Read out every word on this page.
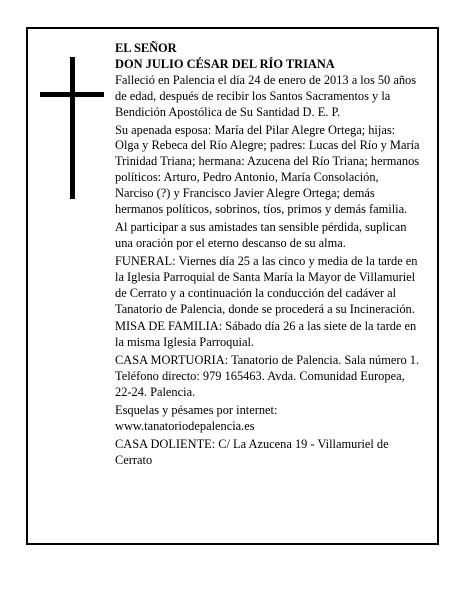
EL SEÑOR
DON JULIO CÉSAR DEL RÍO TRIANA

Falleció en Palencia el día 24 de enero de 2013 a los 50 años de edad, después de recibir los Santos Sacramentos y la Bendición Apostólica de Su Santidad D. E. P.

Su apenada esposa: María del Pilar Alegre Ortega; hijas: Olga y Rebeca del Río Alegre; padres: Lucas del Río y María Trinidad Triana; hermana: Azucena del Río Triana; hermanos políticos: Arturo, Pedro Antonio, María Consolación, Narciso (?) y Francisco Javier Alegre Ortega; demás hermanos políticos, sobrinos, tíos, primos y demás familia.

Al participar a sus amistades tan sensible pérdida, suplican una oración por el eterno descanso de su alma.

FUNERAL: Viernes día 25 a las cinco y media de la tarde en la Iglesia Parroquial de Santa María la Mayor de Villamuriel de Cerrato y a continuación la conducción del cadáver al Tanatorio de Palencia, donde se procederá a su Incineración.

MISA DE FAMILIA: Sábado día 26 a las siete de la tarde en la misma Iglesia Parroquial.

CASA MORTUORIA: Tanatorio de Palencia. Sala número 1. Teléfono directo: 979 165463. Avda. Comunidad Europea, 22-24. Palencia.

Esquelas y pésames por internet:
www.tanatoriodepalencia.es

CASA DOLIENTE: C/ La Azucena 19 - Villamuriel de Cerrato
